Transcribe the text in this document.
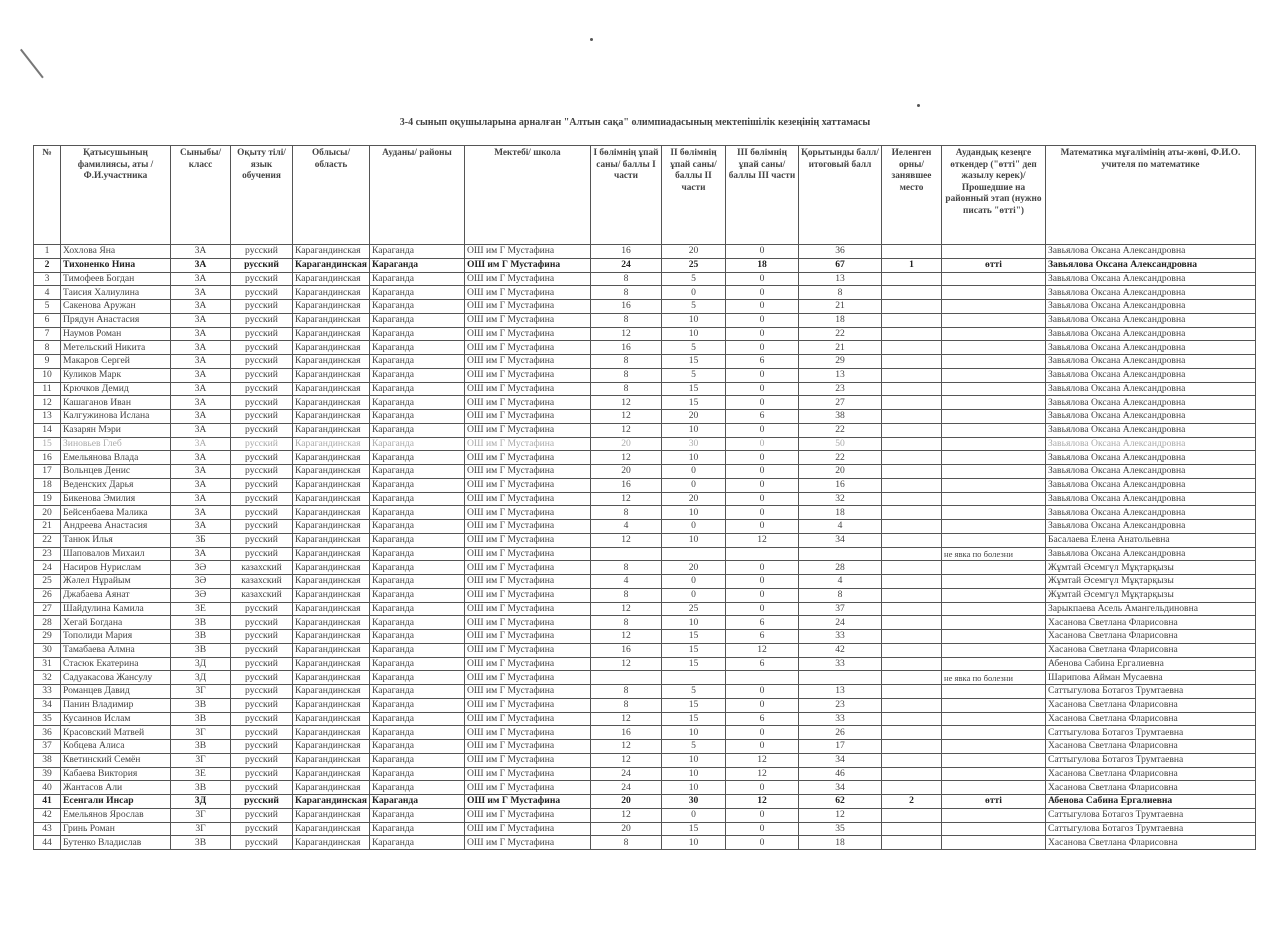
3-4 сынып оқушыларына арналған "Алтын сақа" олимпиадасының мектепішілік кезеңінің хаттамасы
№	Қатысушының фамилиясы, аты /Ф.И.участника	Сыныбы/класс	Оқыту тілі/ язык обучения	Облысы/ область	Ауданы/ районы	Мектебі/ школа	I бөлімнің ұпай саны/ баллы I части	II бөлімнің ұпай саны/ баллы II части	III бөлімнің ұпай саны/ баллы III части	Қорытынды балл/ итоговый балл	Иеленген орны/ занявшее место	Аудандық кезеңге өткендер ("өтті" деп жазылу керек)/ Прошедшие на районный этап (нужно писать "өтті")	Математика мұғалімінің аты-жөні, Ф.И.О. учителя по математике
1	Хохлова Яна	3А	русский	Карагандинская	Караганда	ОШ им Г Мустафина	16	20	0	36			Завьялова Оксана Александровна
2	Тихоненко Нина	3А	русский	Карагандинская	Караганда	ОШ им Г Мустафина	24	25	18	67	1	өтті	Завьялова Оксана Александровна
3	Тимофеев Богдан	3А	русский	Карагандинская	Караганда	ОШ им Г Мустафина	8	5	0	13			Завьялова Оксана Александровна
4	Таисия Халиулина	3А	русский	Карагандинская	Караганда	ОШ им Г Мустафина	8	0	0	8			Завьялова Оксана Александровна
5	Сакенова Аружан	3А	русский	Карагандинская	Караганда	ОШ им Г Мустафина	16	5	0	21			Завьялова Оксана Александровна
6	Прядун Анастасия	3А	русский	Карагандинская	Караганда	ОШ им Г Мустафина	8	10	0	18			Завьялова Оксана Александровна
7	Наумов Роман	3А	русский	Карагандинская	Караганда	ОШ им Г Мустафина	12	10	0	22			Завьялова Оксана Александровна
8	Метельский Никита	3А	русский	Карагандинская	Караганда	ОШ им Г Мустафина	16	5	0	21			Завьялова Оксана Александровна
9	Макаров Сергей	3А	русский	Карагандинская	Караганда	ОШ им Г Мустафина	8	15	6	29			Завьялова Оксана Александровна
10	Куликов Марк	3А	русский	Карагандинская	Караганда	ОШ им Г Мустафина	8	5	0	13			Завьялова Оксана Александровна
11	Крючков Демид	3А	русский	Карагандинская	Караганда	ОШ им Г Мустафина	8	15	0	23			Завьялова Оксана Александровна
12	Кашаганов Иван	3А	русский	Карагандинская	Караганда	ОШ им Г Мустафина	12	15	0	27			Завьялова Оксана Александровна
13	Калгужинова Ислана	3А	русский	Карагандинская	Караганда	ОШ им Г Мустафина	12	20	6	38			Завьялова Оксана Александровна
14	Казарян Мэри	3А	русский	Карагандинская	Караганда	ОШ им Г Мустафина	12	10	0	22			Завьялова Оксана Александровна
15	Зиновьев Глеб	3А	русский	Карагандинская	Караганда	ОШ им Г Мустафина	20	30	0	50			Завьялова Оксана Александровна
16	Емельянова Влада	3А	русский	Карагандинская	Караганда	ОШ им Г Мустафина	12	10	0	22			Завьялова Оксана Александровна
17	Вольнцев Денис	3А	русский	Карагандинская	Караганда	ОШ им Г Мустафина	20	0	0	20			Завьялова Оксана Александровна
18	Веденских Дарья	3А	русский	Карагандинская	Караганда	ОШ им Г Мустафина	16	0	0	16			Завьялова Оксана Александровна
19	Бикенова Эмилия	3А	русский	Карагандинская	Караганда	ОШ им Г Мустафина	12	20	0	32			Завьялова Оксана Александровна
20	Бейсенбаева Малика	3А	русский	Карагандинская	Караганда	ОШ им Г Мустафина	8	10	0	18			Завьялова Оксана Александровна
21	Андреева Анастасия	3А	русский	Карагандинская	Караганда	ОШ им Г Мустафина	4	0	0	4			Завьялова Оксана Александровна
22	Танюк Илья	3Б	русский	Карагандинская	Караганда	ОШ им Г Мустафина	12	10	12	34			Басалаева Елена Анатольевна
23	Шаповалов Михаил	3А	русский	Карагандинская	Караганда	ОШ им Г Мустафина						не явка по болезни	Завьялова Оксана Александровна
24	Насиров Нурислам	3Ә	казахский	Карагандинская	Караганда	ОШ им Г Мустафина	8	20	0	28			Жұмтай Әсемгүл Мұқтарқызы
25	Жәлел Нұрайым	3Ә	казахский	Карагандинская	Караганда	ОШ им Г Мустафина	4	0	0	4			Жұмтай Әсемгүл Мұқтарқызы
26	Джабаева Аянат	3Ә	казахский	Карагандинская	Караганда	ОШ им Г Мустафина	8	0	0	8			Жұмтай Әсемгүл Мұқтарқызы
27	Шайдулина Камила	3Е	русский	Карагандинская	Караганда	ОШ им Г Мустафина	12	25	0	37			Зарыкпаева Асель Амангельдиновна
28	Хегай Богдана	3В	русский	Карагандинская	Караганда	ОШ им Г Мустафина	8	10	6	24			Хасанова Светлана Фларисовна
29	Тополиди Мария	3В	русский	Карагандинская	Караганда	ОШ им Г Мустафина	12	15	6	33			Хасанова Светлана Фларисовна
30	Тамабаева Алмна	3В	русский	Карагандинская	Караганда	ОШ им Г Мустафина	16	15	12	42			Хасанова Светлана Фларисовна
31	Стасюк Екатерина	3Д	русский	Карагандинская	Караганда	ОШ им Г Мустафина	12	15	6	33			Абенова Сабина Ергалиевна
32	Садуакасова Жансулу	3Д	русский	Карагандинская	Караганда	ОШ им Г Мустафина						не явка по болезни	Шарипова Айман Мусаевна
33	Романцев Давид	3Г	русский	Карагандинская	Караганда	ОШ им Г Мустафина	8	5	0	13			Саттыгулова Ботагоз Трумтаевна
34	Панин Владимир	3В	русский	Карагандинская	Караганда	ОШ им Г Мустафина	8	15	0	23			Хасанова Светлана Фларисовна
35	Кусаинов Ислам	3В	русский	Карагандинская	Караганда	ОШ им Г Мустафина	12	15	6	33			Хасанова Светлана Фларисовна
36	Красовский Матвей	3Г	русский	Карагандинская	Караганда	ОШ им Г Мустафина	16	10	0	26			Саттыгулова Ботагоз Трумтаевна
37	Кобцева Алиса	3В	русский	Карагандинская	Караганда	ОШ им Г Мустафина	12	5	0	17			Хасанова Светлана Фларисовна
38	Кветинский Семён	3Г	русский	Карагандинская	Караганда	ОШ им Г Мустафина	12	10	12	34			Саттыгулова Ботагоз Трумтаевна
39	Кабаева Виктория	3Е	русский	Карагандинская	Караганда	ОШ им Г Мустафина	24	10	12	46			Хасанова Светлана Фларисовна
40	Жантасов Али	3В	русский	Карагандинская	Караганда	ОШ им Г Мустафина	24	10	0	34			Хасанова Светлана Фларисовна
41	Есенгали Инсар	3Д	русский	Карагандинская	Караганда	ОШ им Г Мустафина	20	30	12	62	2	өтті	Абенова Сабина Ергалиевна
42	Емельянов Ярослав	3Г	русский	Карагандинская	Караганда	ОШ им Г Мустафина	12	0	0	12			Саттыгулова Ботагоз Трумтаевна
43	Гринь Роман	3Г	русский	Карагандинская	Караганда	ОШ им Г Мустафина	20	15	0	35			Саттыгулова Ботагоз Трумтаевна
44	Бутенко Владислав	3В	русский	Карагандинская	Караганда	ОШ им Г Мустафина	8	10	0	18			Хасанова Светлана Фларисовна
